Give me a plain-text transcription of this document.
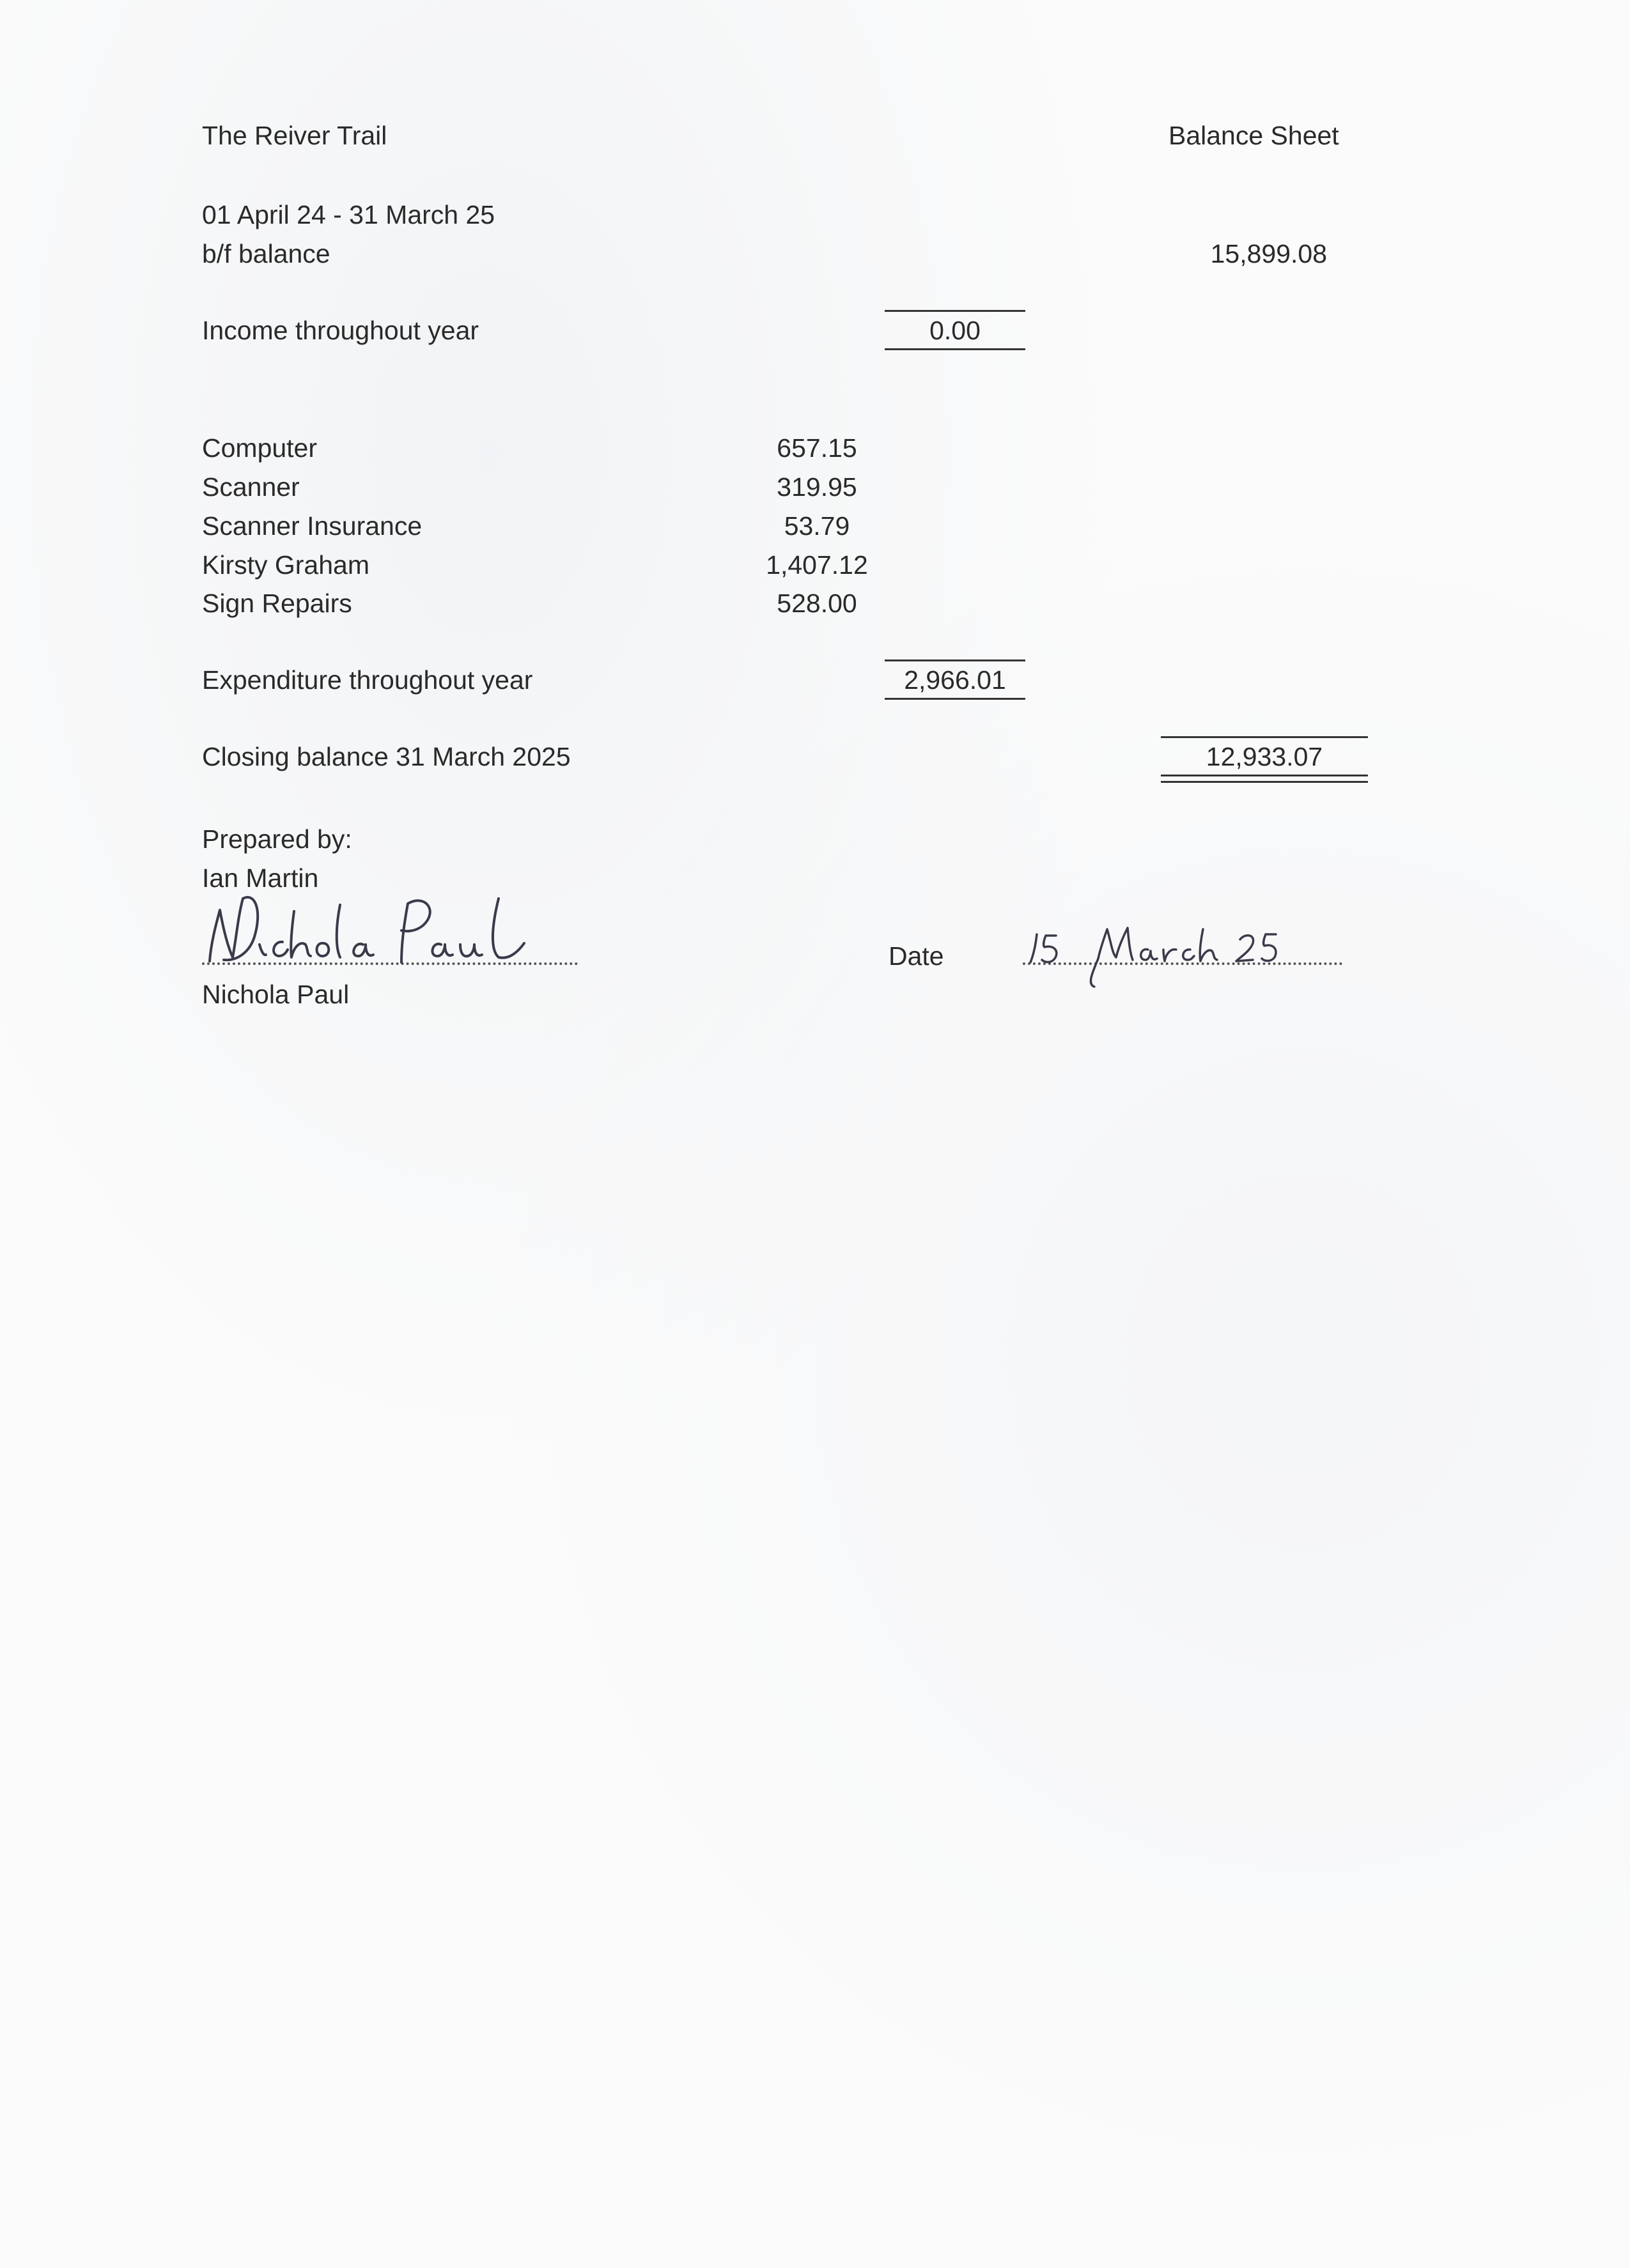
The Reiver Trail	Balance Sheet
01 April 24 - 31 March 25
b/f balance	15,899.08
Income throughout year	0.00
Computer	657.15
Scanner	319.95
Scanner Insurance	53.79
Kirsty Graham	1,407.12
Sign Repairs	528.00
Expenditure throughout year	2,966.01
Closing balance 31 March 2025	12,933.07
Prepared by:
Ian Martin
Nichola Paul
Date
